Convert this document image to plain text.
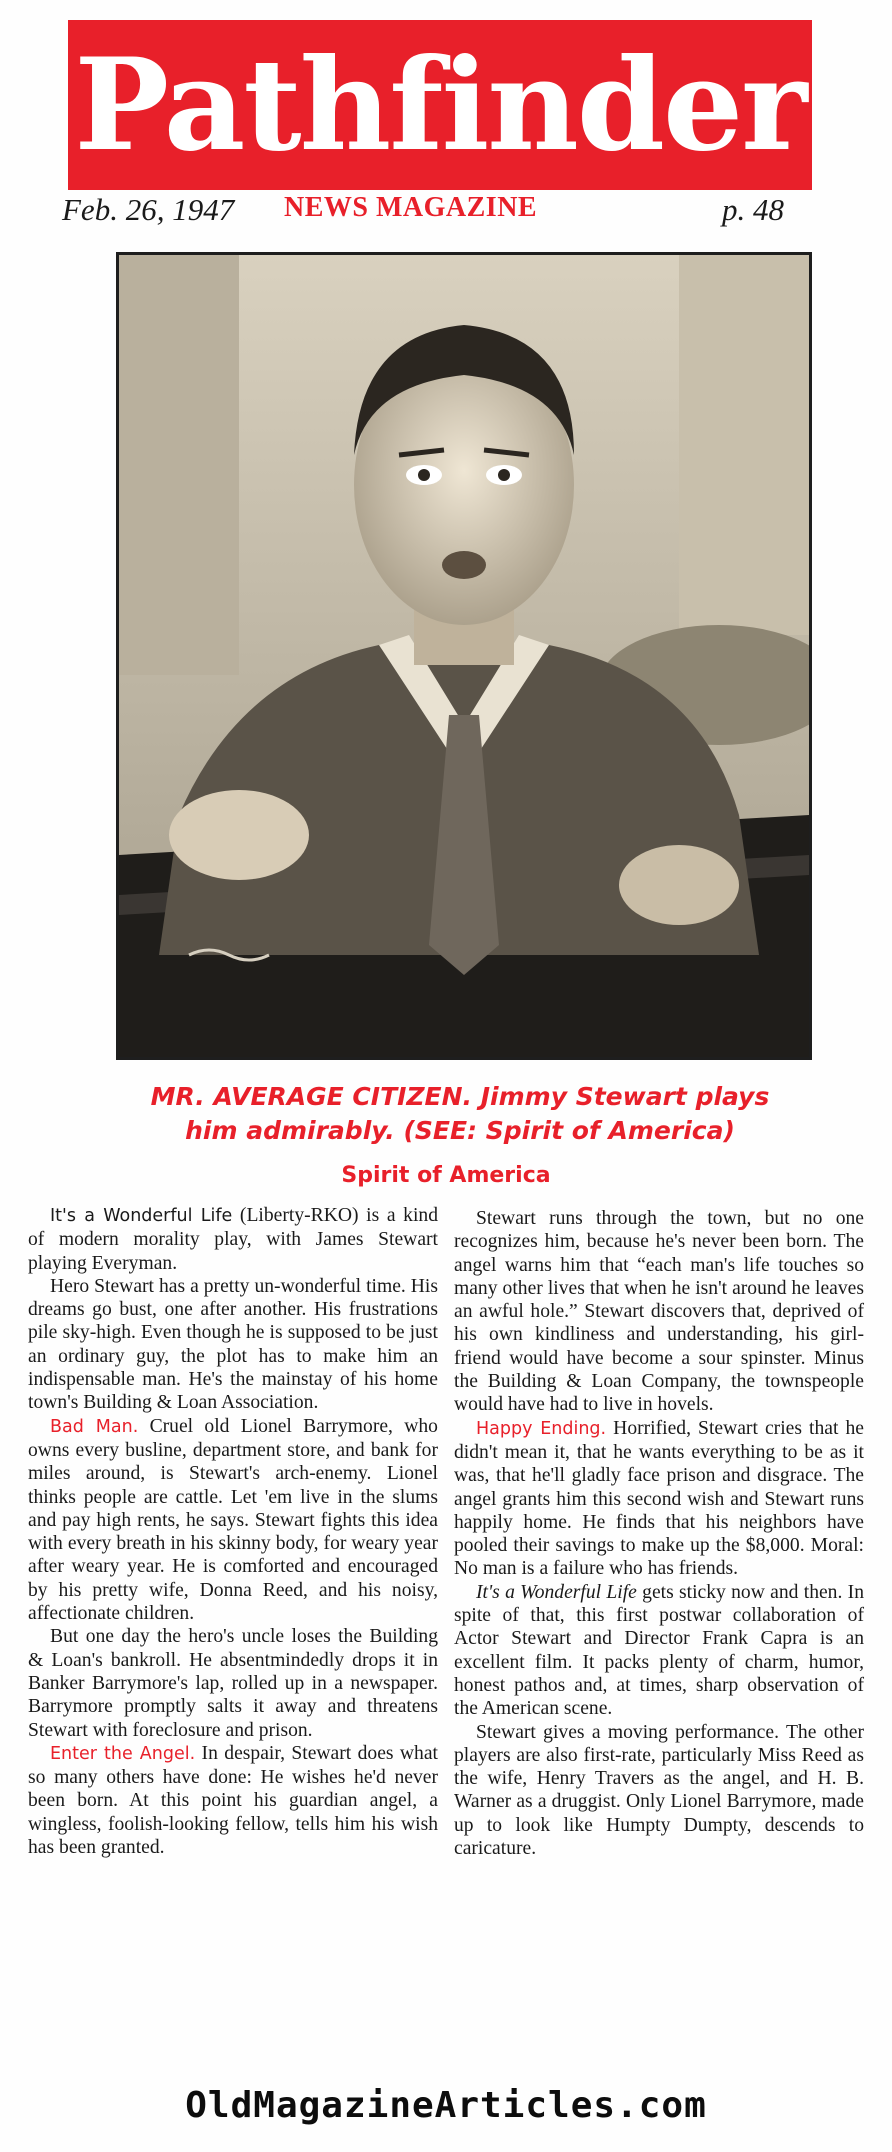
Pathfinder
Feb. 26, 1947 NEWS MAGAZINE	p. 48
MR. AVERAGE CITIZEN. Jimmy Stewart plays
him admirably. (SEE: Spirit of America)
Spirit of America

It's a Wonderful Life (Liberty-RKO) is a kind of modern morality play, with James Stewart playing Everyman.

Hero Stewart has a pretty un-wonderful time. His dreams go bust, one after another. His frustrations pile sky-high. Even though he is supposed to be just an ordinary guy, the plot has to make him an indispensable man. He's the mainstay of his home town's Building & Loan Association.

Bad Man. Cruel old Lionel Barrymore, who owns every busline, department store, and bank for miles around, is Stewart's arch-enemy. Lionel thinks people are cattle. Let 'em live in the slums and pay high rents, he says. Stewart fights this idea with every breath in his skinny body, for weary year after weary year. He is comforted and encouraged by his pretty wife, Donna Reed, and his noisy, affectionate children.

But one day the hero's uncle loses the Building & Loan's bankroll. He absentmindedly drops it in Banker Barrymore's lap, rolled up in a newspaper. Barrymore promptly salts it away and threatens Stewart with foreclosure and prison.

Enter the Angel. In despair, Stewart does what so many others have done: He wishes he'd never been born. At this point his guardian angel, a wingless, foolish-looking fellow, tells him his wish has been granted.

Stewart runs through the town, but no one recognizes him, because he's never been born. The angel warns him that “each man's life touches so many other lives that when he isn't around he leaves an awful hole.” Stewart discovers that, deprived of his own kindliness and understanding, his girl-friend would have become a sour spinster. Minus the Building & Loan Company, the townspeople would have had to live in hovels.

Happy Ending. Horrified, Stewart cries that he didn't mean it, that he wants everything to be as it was, that he'll gladly face prison and disgrace. The angel grants him this second wish and Stewart runs happily home. He finds that his neighbors have pooled their savings to make up the $8,000. Moral: No man is a failure who has friends.

It's a Wonderful Life gets sticky now and then. In spite of that, this first postwar collaboration of Actor Stewart and Director Frank Capra is an excellent film. It packs plenty of charm, humor, honest pathos and, at times, sharp observation of the American scene.

Stewart gives a moving performance. The other players are also first-rate, particularly Miss Reed as the wife, Henry Travers as the angel, and H. B. Warner as a druggist. Only Lionel Barrymore, made up to look like Humpty Dumpty, descends to caricature.

OldMagazineArticles.com
